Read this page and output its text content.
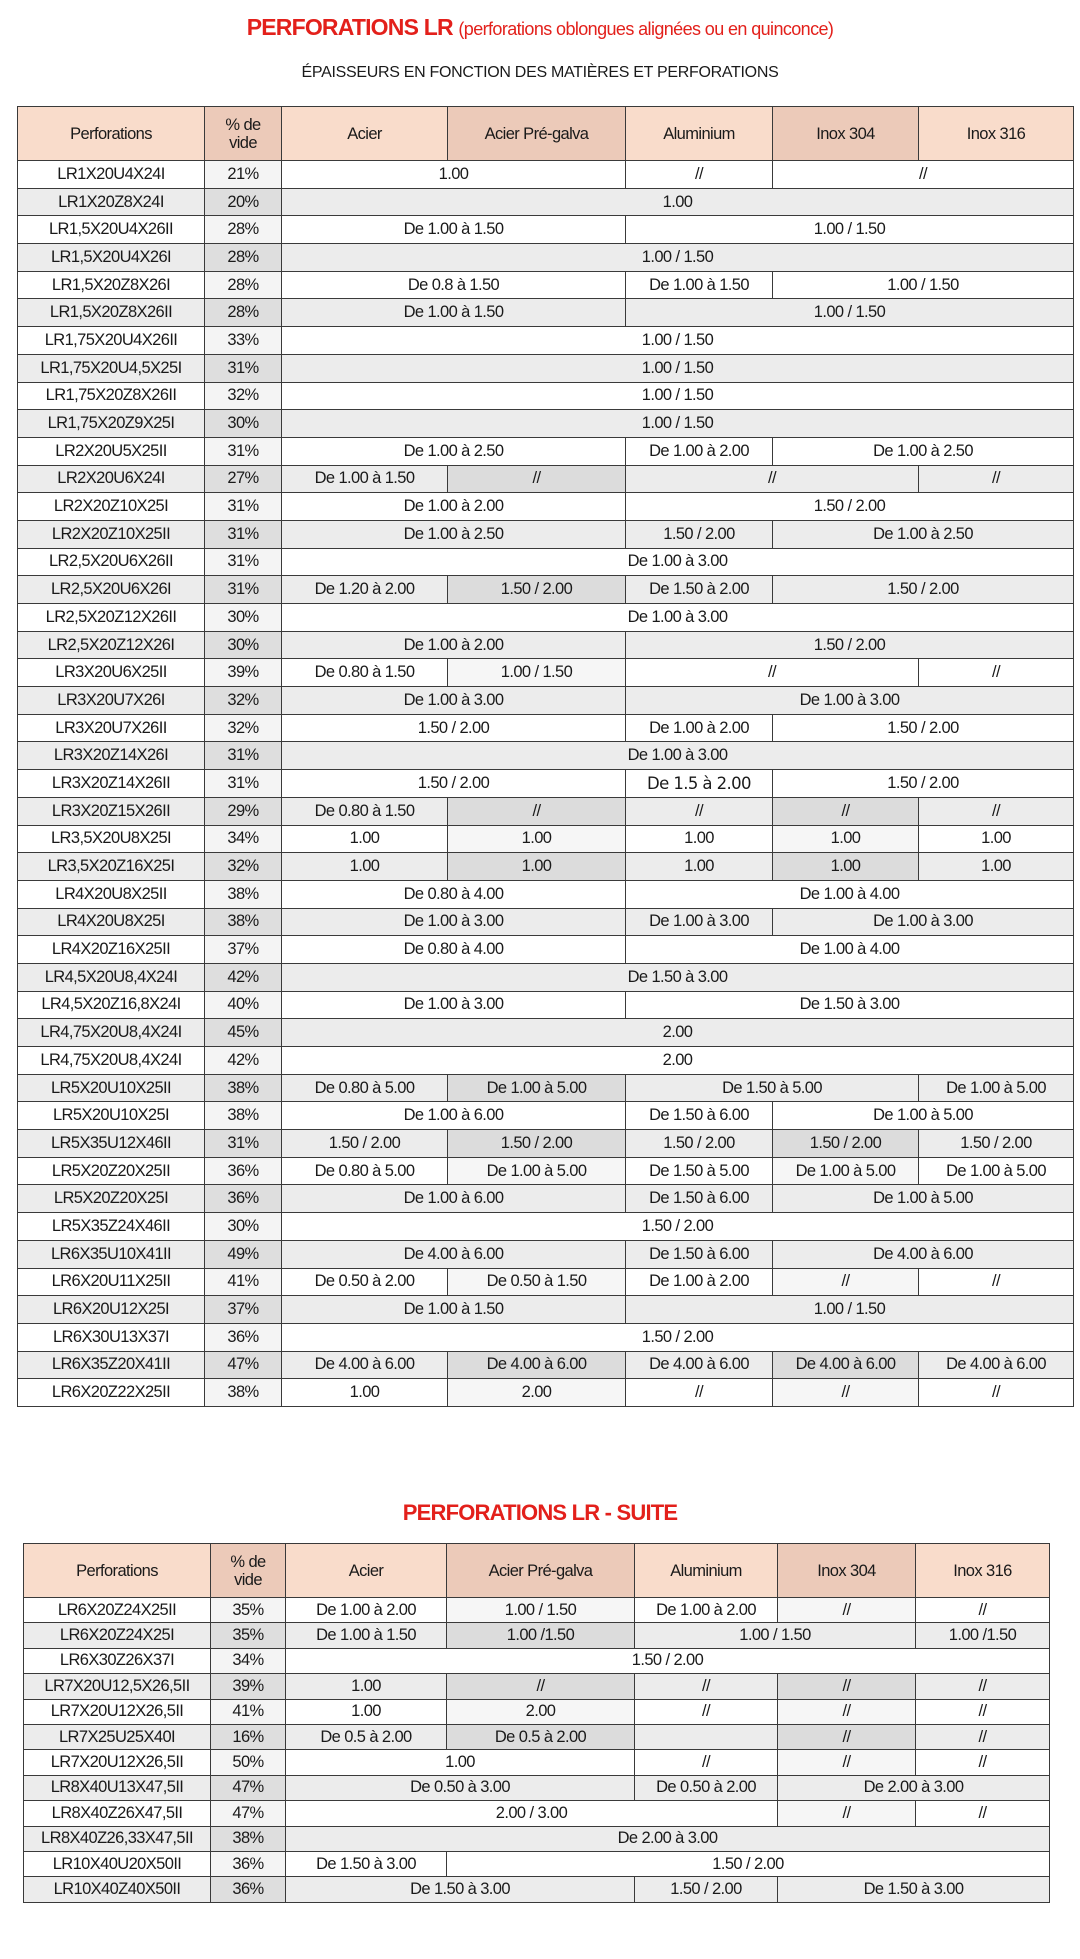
PERFORATIONS LR (perforations oblongues alignées ou en quinconce)
ÉPAISSEURS EN FONCTION DES MATIÈRES ET PERFORATIONS
Perforations	% de vide	Acier	Acier Pré-galva	Aluminium	Inox 304	Inox 316
LR1X20U4X24I	21%	1.00		//	//	
LR1X20Z8X24I	20%	1.00				
LR1,5X20U4X26II	28%	De 1.00 à 1.50		1.00 / 1.50		
LR1,5X20U4X26I	28%	1.00 / 1.50				
LR1,5X20Z8X26I	28%	De 0.8 à 1.50		De 1.00 à 1.50	1.00 / 1.50	
LR1,5X20Z8X26II	28%	De 1.00 à 1.50		1.00 / 1.50		
LR1,75X20U4X26II	33%	1.00 / 1.50				
LR1,75X20U4,5X25I	31%	1.00 / 1.50				
LR1,75X20Z8X26II	32%	1.00 / 1.50				
LR1,75X20Z9X25I	30%	1.00 / 1.50				
LR2X20U5X25II	31%	De 1.00 à 2.50		De 1.00 à 2.00	De 1.00 à 2.50	
LR2X20U6X24I	27%	De 1.00 à 1.50	//	//		//
LR2X20Z10X25I	31%	De 1.00 à 2.00		1.50 / 2.00		
LR2X20Z10X25II	31%	De 1.00 à 2.50		1.50 / 2.00	De 1.00 à 2.50	
LR2,5X20U6X26II	31%	De 1.00 à 3.00				
LR2,5X20U6X26I	31%	De 1.20 à 2.00	1.50 / 2.00	De 1.50 à 2.00	1.50 / 2.00	
LR2,5X20Z12X26II	30%	De 1.00 à 3.00				
LR2,5X20Z12X26I	30%	De 1.00 à 2.00		1.50 / 2.00		
LR3X20U6X25II	39%	De 0.80 à 1.50	1.00 / 1.50	//		//
LR3X20U7X26I	32%	De 1.00 à 3.00		De 1.00 à 3.00		
LR3X20U7X26II	32%	1.50 / 2.00		De 1.00 à 2.00	1.50 / 2.00	
LR3X20Z14X26I	31%	De 1.00 à 3.00				
LR3X20Z14X26II	31%	1.50 / 2.00		De 1.5 à 2.00	1.50 / 2.00	
LR3X20Z15X26II	29%	De 0.80 à 1.50	//	//	//	//
LR3,5X20U8X25I	34%	1.00	1.00	1.00	1.00	1.00
LR3,5X20Z16X25I	32%	1.00	1.00	1.00	1.00	1.00
LR4X20U8X25II	38%	De 0.80 à 4.00		De 1.00 à 4.00		
LR4X20U8X25I	38%	De 1.00 à 3.00		De 1.00 à 3.00	De 1.00 à 3.00	
LR4X20Z16X25II	37%	De 0.80 à 4.00		De 1.00 à 4.00		
LR4,5X20U8,4X24I	42%	De 1.50 à 3.00				
LR4,5X20Z16,8X24I	40%	De 1.00 à 3.00		De 1.50 à 3.00		
LR4,75X20U8,4X24I	45%	2.00				
LR4,75X20U8,4X24I	42%	2.00				
LR5X20U10X25II	38%	De 0.80 à 5.00	De 1.00 à 5.00	De 1.50 à 5.00		De 1.00 à 5.00
LR5X20U10X25I	38%	De 1.00 à 6.00		De 1.50 à 6.00	De 1.00 à 5.00	
LR5X35U12X46II	31%	1.50 / 2.00	1.50 / 2.00	1.50 / 2.00	1.50 / 2.00	1.50 / 2.00
LR5X20Z20X25II	36%	De 0.80 à 5.00	De 1.00 à 5.00	De 1.50 à 5.00	De 1.00 à 5.00	De 1.00 à 5.00
LR5X20Z20X25I	36%	De 1.00 à 6.00		De 1.50 à 6.00	De 1.00 à 5.00	
LR5X35Z24X46II	30%	1.50 / 2.00				
LR6X35U10X41II	49%	De 4.00 à 6.00		De 1.50 à 6.00	De 4.00 à 6.00	
LR6X20U11X25II	41%	De 0.50 à 2.00	De 0.50 à 1.50	De 1.00 à 2.00	//	//
LR6X20U12X25I	37%	De 1.00 à 1.50		1.00 / 1.50		
LR6X30U13X37I	36%	1.50 / 2.00				
LR6X35Z20X41II	47%	De 4.00 à 6.00	De 4.00 à 6.00	De 4.00 à 6.00	De 4.00 à 6.00	De 4.00 à 6.00
LR6X20Z22X25II	38%	1.00	2.00	//	//	//
PERFORATIONS LR - SUITE
Perforations	% de vide	Acier	Acier Pré-galva	Aluminium	Inox 304	Inox 316
LR6X20Z24X25II	35%	De 1.00 à 2.00	1.00 / 1.50	De 1.00 à 2.00	//	//
LR6X20Z24X25I	35%	De 1.00 à 1.50	1.00 /1.50	1.00 / 1.50		1.00 /1.50
LR6X30Z26X37I	34%	1.50 / 2.00				
LR7X20U12,5X26,5II	39%	1.00	//	//	//	//
LR7X20U12X26,5II	41%	1.00	2.00	//	//	//
LR7X25U25X40I	16%	De 0.5 à 2.00	De 0.5 à 2.00		//	//
LR7X20U12X26,5II	50%	1.00		//	//	//
LR8X40U13X47,5II	47%	De 0.50 à 3.00		De 0.50 à 2.00	De 2.00 à 3.00	
LR8X40Z26X47,5II	47%	2.00 / 3.00			//	//
LR8X40Z26,33X47,5II	38%	De 2.00 à 3.00				
LR10X40U20X50II	36%	De 1.50 à 3.00	1.50 / 2.00			
LR10X40Z40X50II	36%	De 1.50 à 3.00		1.50 / 2.00	De 1.50 à 3.00	
